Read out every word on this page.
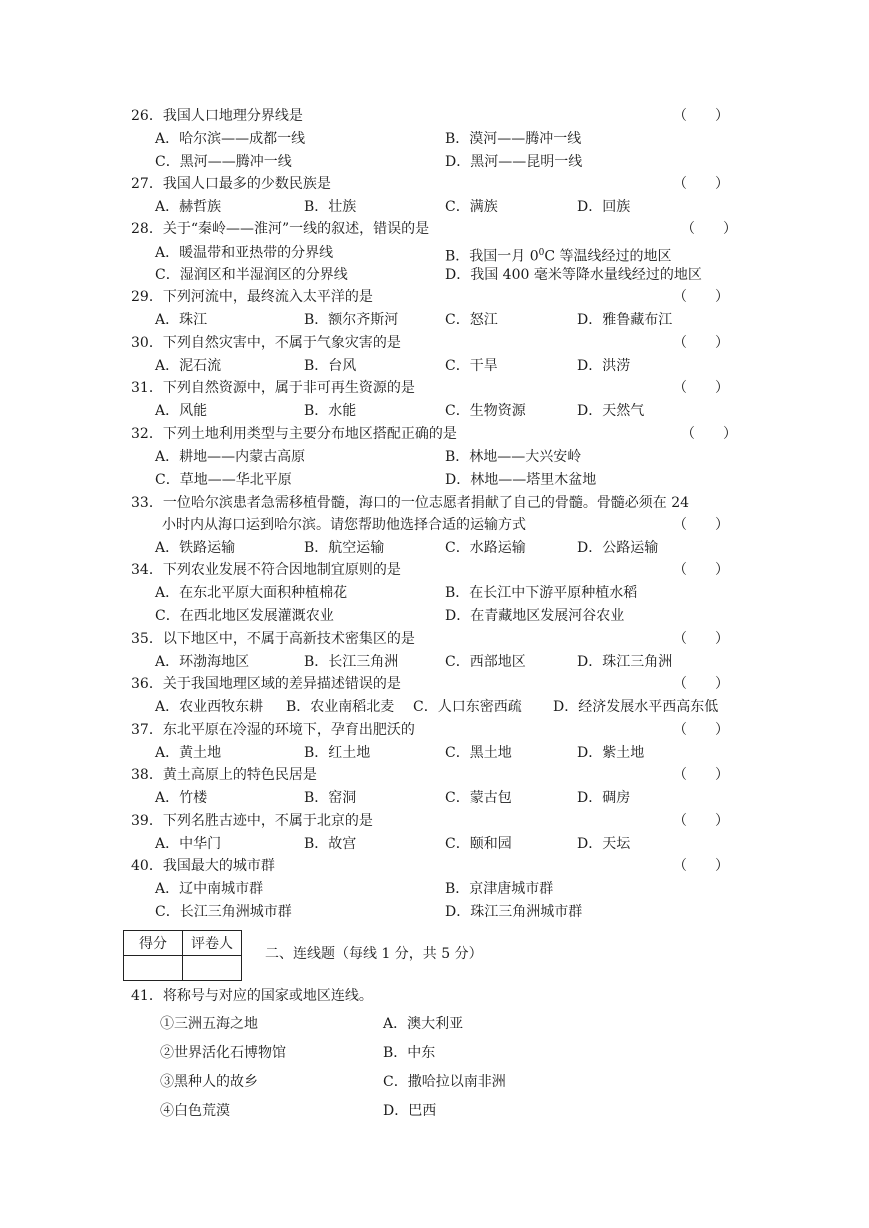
26．我国人口地理分界线是	（　　）
A．哈尔滨——成都一线	B．漠河——腾冲一线
C．黑河——腾冲一线	D．黑河——昆明一线
27．我国人口最多的少数民族是	（　　）
A．赫哲族	B．壮族	C．满族	D．回族
28．关于“秦岭——淮河”一线的叙述，错误的是	（　　）
A．暖温带和亚热带的分界线	B．我国一月 $0^0C$ 等温线经过的地区
C．湿润区和半湿润区的分界线	D．我国 400 毫米等降水量线经过的地区
29．下列河流中，最终流入太平洋的是	（　　）
A．珠江	B．额尔齐斯河	C．怒江	D．雅鲁藏布江
30．下列自然灾害中，不属于气象灾害的是	（　　）
A．泥石流	B．台风	C．干旱	D．洪涝
31．下列自然资源中，属于非可再生资源的是	（　　）
A．风能	B．水能	C．生物资源	D．天然气
32．下列土地利用类型与主要分布地区搭配正确的是	（　　）
A．耕地——内蒙古高原	B．林地——大兴安岭
C．草地——华北平原	D．林地——塔里木盆地
33．一位哈尔滨患者急需移植骨髓，海口的一位志愿者捐献了自己的骨髓。骨髓必须在 24
小时内从海口运到哈尔滨。请您帮助他选择合适的运输方式	（　　）
A．铁路运输	B．航空运输	C．水路运输	D．公路运输
34．下列农业发展不符合因地制宜原则的是	（　　）
A．在东北平原大面积种植棉花	B．在长江中下游平原种植水稻
C．在西北地区发展灌溉农业	D．在青藏地区发展河谷农业
35．以下地区中，不属于高新技术密集区的是	（　　）
A．环渤海地区	B．长江三角洲	C．西部地区	D．珠江三角洲
36．关于我国地理区域的差异描述错误的是	（　　）
A．农业西牧东耕 B．农业南稻北麦 C．人口东密西疏 D．经济发展水平西高东低
37．东北平原在冷湿的环境下，孕育出肥沃的	（　　）
A．黄土地	B．红土地	C．黑土地	D．紫土地
38．黄土高原上的特色民居是	（　　）
A．竹楼	B．窑洞	C．蒙古包	D．碉房
39．下列名胜古迹中，不属于北京的是	（　　）
A．中华门	B．故宫	C．颐和园	D．天坛
40．我国最大的城市群	（　　）
A．辽中南城市群	B．京津唐城市群
C．长江三角洲城市群	D．珠江三角洲城市群
得分	评卷人

二、连线题（每线 1 分，共 5 分）
41．将称号与对应的国家或地区连线。
①三洲五海之地	A．澳大利亚
②世界活化石博物馆	B．中东
③黑种人的故乡	C．撒哈拉以南非洲
④白色荒漠	D．巴西
